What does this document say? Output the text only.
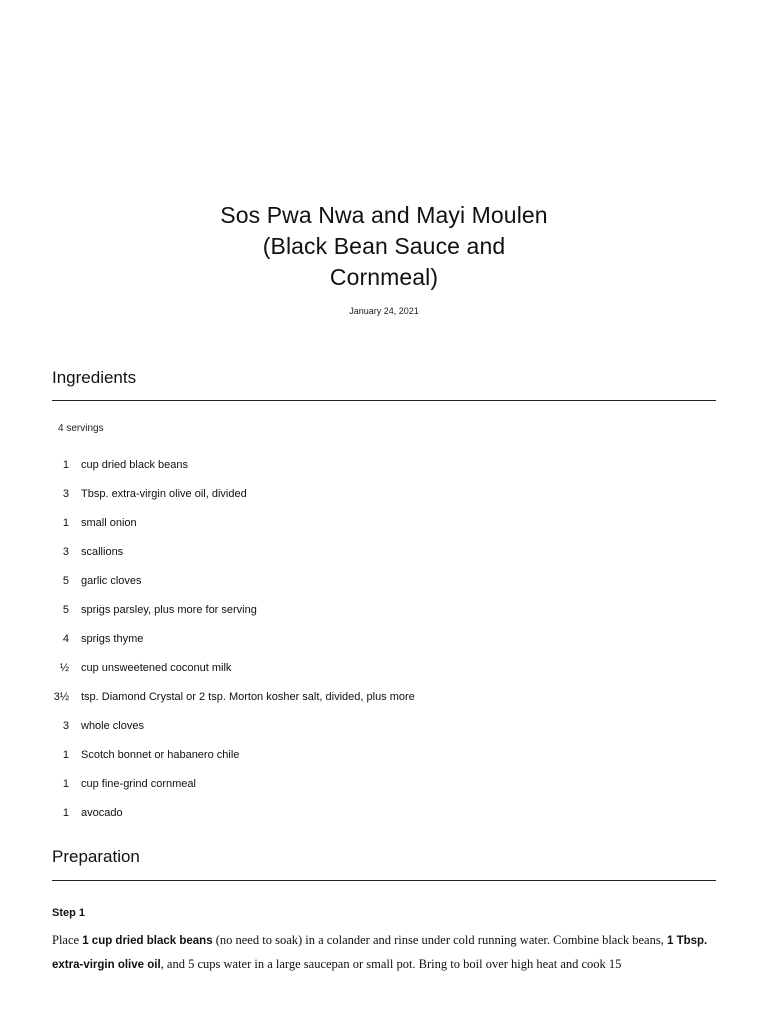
Sos Pwa Nwa and Mayi Moulen
(Black Bean Sauce and
Cornmeal)
January 24, 2021
Ingredients
4 servings
1 cup dried black beans
3 Tbsp. extra-virgin olive oil, divided
1 small onion
3 scallions
5 garlic cloves
5 sprigs parsley, plus more for serving
4 sprigs thyme
½ cup unsweetened coconut milk
3½ tsp. Diamond Crystal or 2 tsp. Morton kosher salt, divided, plus more
3 whole cloves
1 Scotch bonnet or habanero chile
1 cup fine-grind cornmeal
1 avocado
Preparation
Step 1

Place 1 cup dried black beans (no need to soak) in a colander and rinse under cold running water. Combine black beans, 1 Tbsp. extra-virgin olive oil, and 5 cups water in a large saucepan or small pot. Bring to boil over high heat and cook 15
